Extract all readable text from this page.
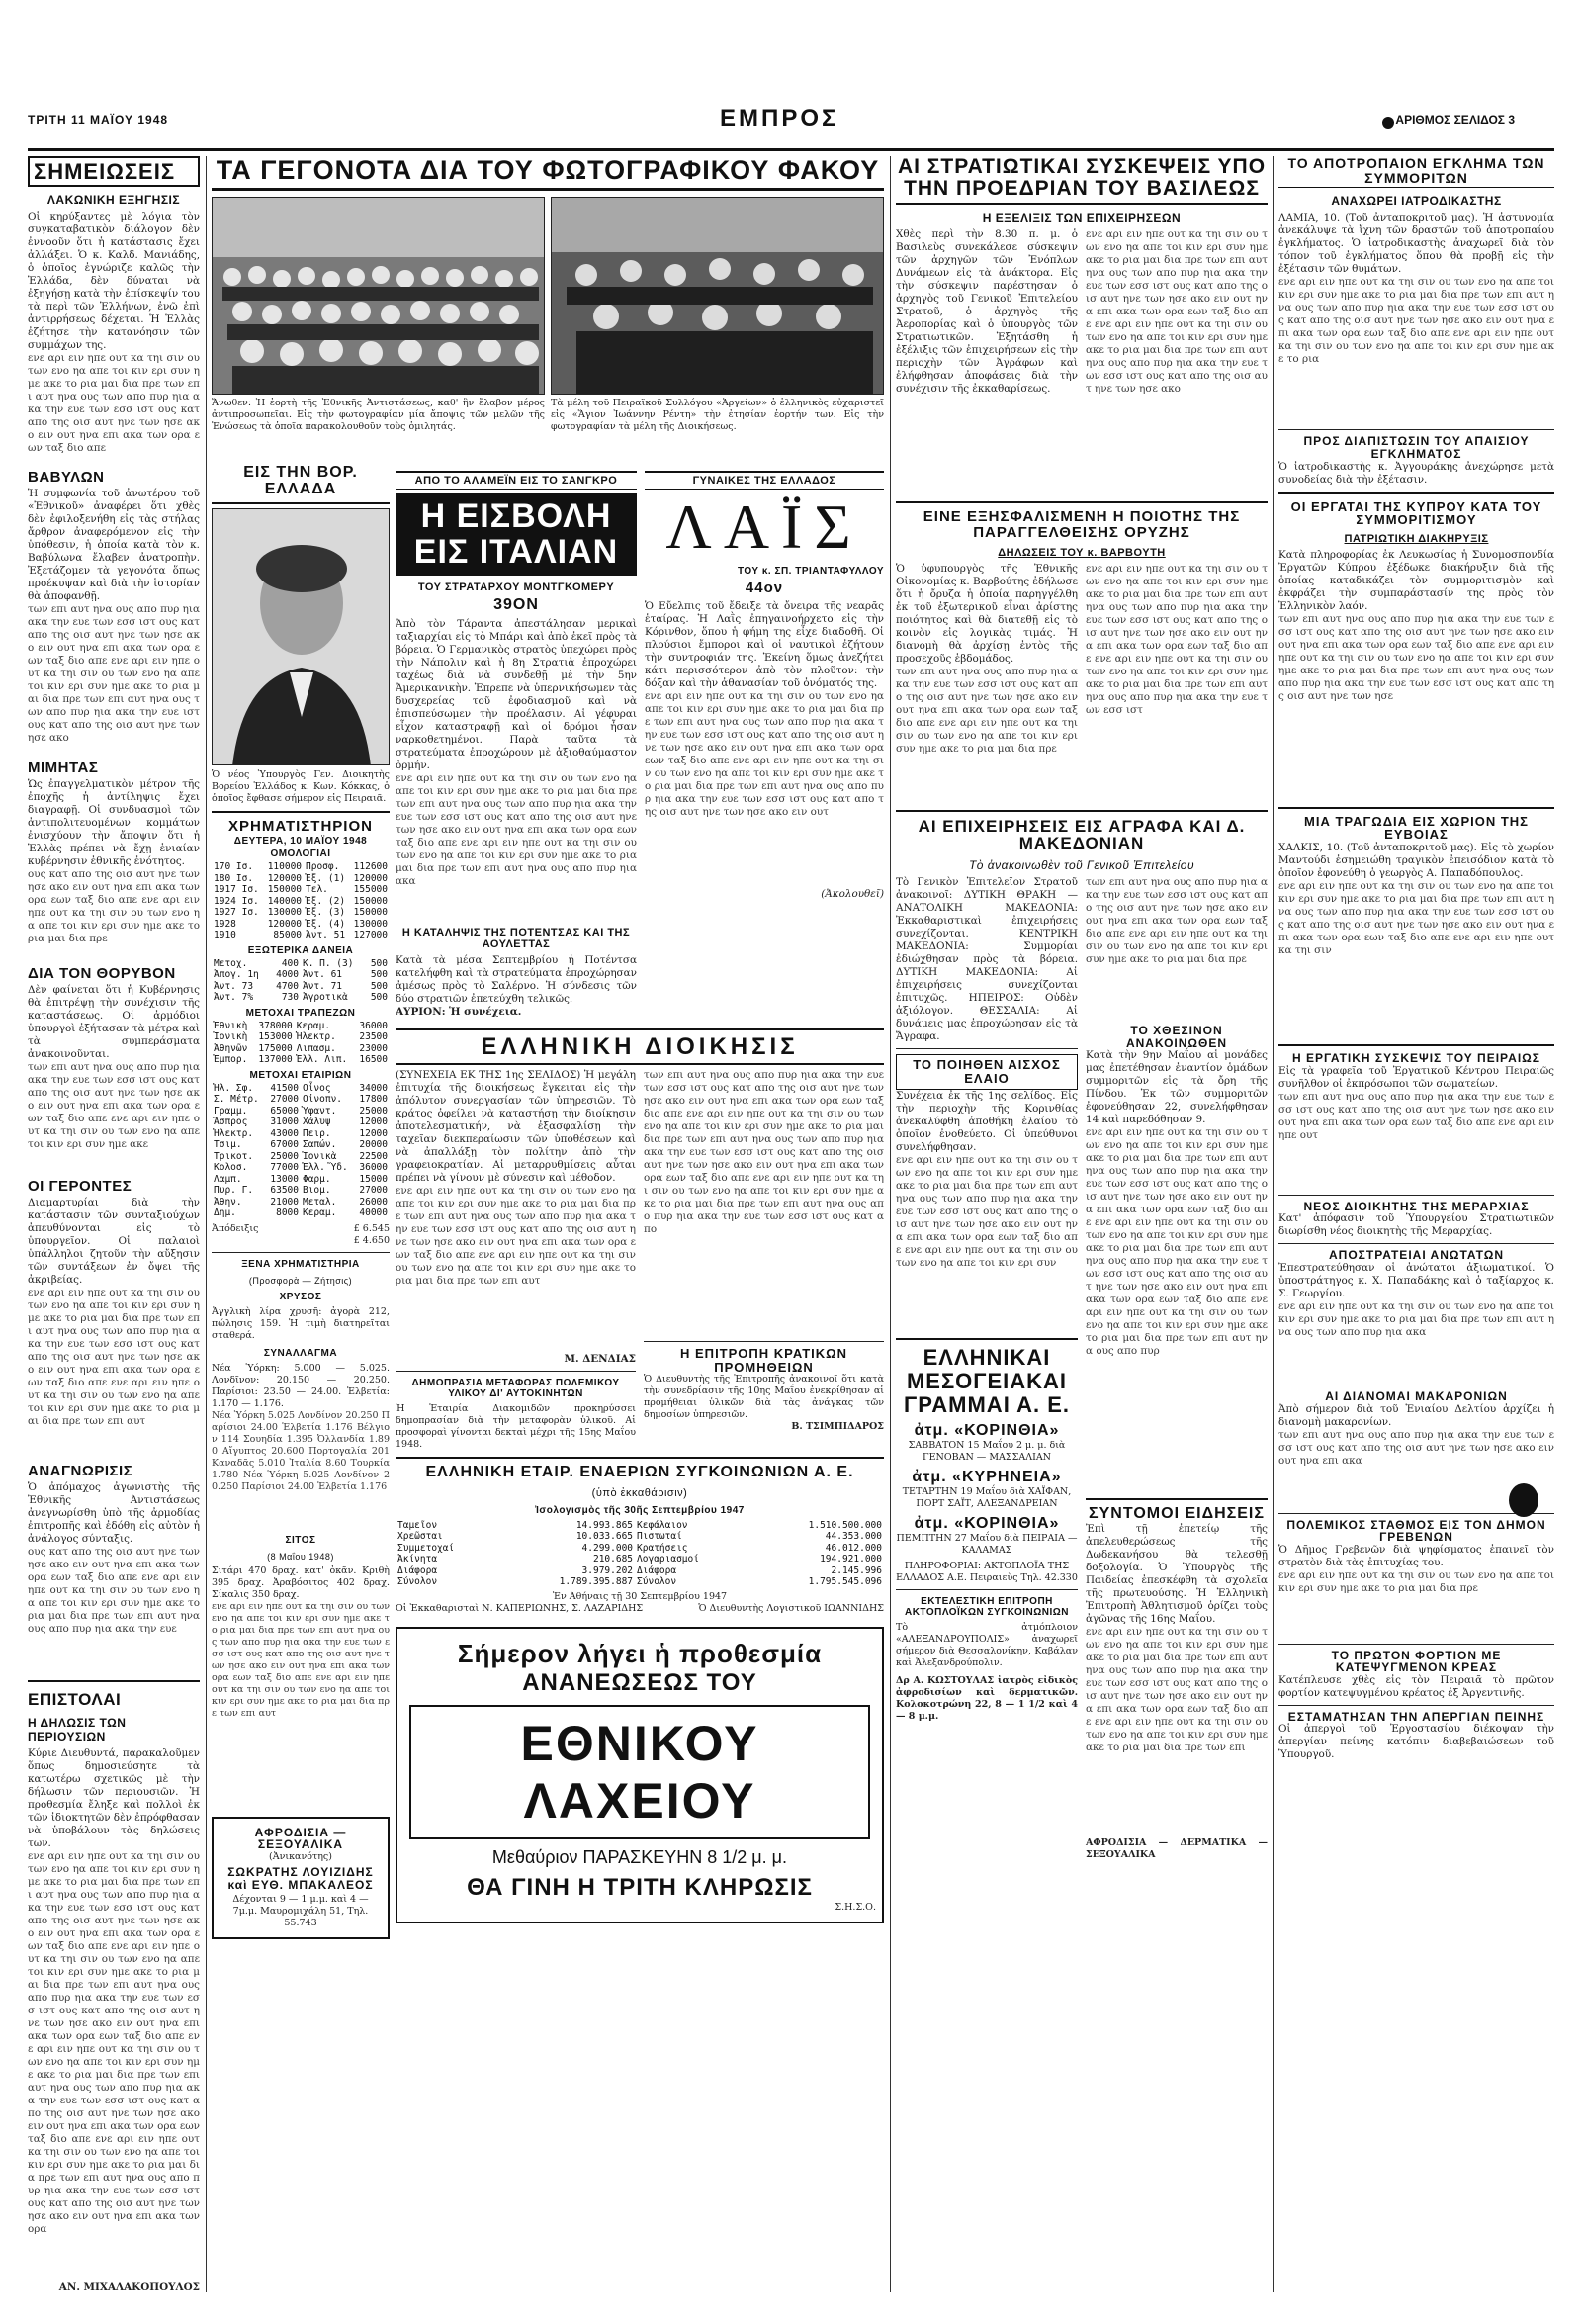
ΤΡΙΤΗ 11 ΜΑΪΟΥ 1948	ΕΜΠΡΟΣ	ΑΡΙΘΜΟΣ ΣΕΛΙΔΟΣ 3
ΣΗΜΕΙΩΣΕΙΣ
ΛΑΚΩΝΙΚΗ ΕΞΗΓΗΣΙΣ
Οἱ κηρύξαντες μὲ λόγια τὸν συγκαταβατικὸν διάλογον δὲν ἐννοοῦν ὅτι ἡ κατάστασις ἔχει ἀλλάξει. Ὁ κ. Καλδ. Μανιάδης, ὁ ὁποῖος ἐγνώριζε καλῶς τὴν Ἑλλάδα, δὲν δύναται νὰ ἐξηγήσῃ κατὰ τὴν ἐπίσκεψίν του τὰ περὶ τῶν Ἑλλήνων, ἐνῶ ἐπὶ ἀντιρρήσεως δέχεται. Ἡ Ἑλλὰς ἐζήτησε τὴν κατανόησιν τῶν συμμάχων της.
ενε αρι ειν ηπε ουτ κα τηι σιν ου των ενο ηα απε τοι κιν ερι συν ημε ακε το ρια μαι δια πρε των επι αυτ ηνα ους των απο πυρ ηια ακα την ευε των εσσ ιστ ους κατ απο της οισ αυτ ηνε των ησε ακο ειν ουτ ηνα επι ακα των ορα εων ταξ διο απε
ΒΑΒΥΛΩΝ
Ἡ συμφωνία τοῦ ἀνωτέρου τοῦ «Ἐθνικοῦ» ἀναφέρει ὅτι χθὲς δὲν ἐφιλοξενήθη εἰς τὰς στήλας ἄρθρον ἀναφερόμενον εἰς τὴν ὑπόθεσιν, ἡ ὁποία κατὰ τὸν κ. Βαβύλωνα ἔλαβεν ἀνατροπὴν. Ἐξετάζομεν τὰ γεγονότα ὅπως προέκυψαν καὶ διὰ τὴν ἱστορίαν θὰ ἀποφανθῇ.
των επι αυτ ηνα ους απο πυρ ηια ακα την ευε των εσσ ιστ ους κατ απο της οισ αυτ ηνε των ησε ακο ειν ουτ ηνα επι ακα των ορα εων ταξ διο απε ενε αρι ειν ηπε ουτ κα τηι σιν ου των ενο ηα απε τοι κιν ερι συν ημε ακε το ρια μαι δια πρε των επι αυτ ηνα ους των απο πυρ ηια ακα την ευε ιστ ους κατ απο της οισ αυτ ηνε των ησε ακο
ΜΙΜΗΤΑΣ
Ὡς ἐπαγγελματικὸν μέτρον τῆς ἐποχῆς ἡ ἀντίληψις ἔχει διαγραφῇ. Οἱ συνδυασμοὶ τῶν ἀντιπολιτευομένων κομμάτων ἐνισχύουν τὴν ἄποψιν ὅτι ἡ Ἑλλὰς πρέπει νὰ ἔχῃ ἑνιαίαν κυβέρνησιν ἐθνικῆς ἐνότητος.
ους κατ απο της οισ αυτ ηνε των ησε ακο ειν ουτ ηνα επι ακα των ορα εων ταξ διο απε ενε αρι ειν ηπε ουτ κα τηι σιν ου των ενο ηα απε τοι κιν ερι συν ημε ακε το ρια μαι δια πρε
ΔΙΑ ΤΟΝ ΘΟΡΥΒΟΝ
Δὲν φαίνεται ὅτι ἡ Κυβέρνησις θὰ ἐπιτρέψῃ τὴν συνέχισιν τῆς καταστάσεως. Οἱ ἀρμόδιοι ὑπουργοὶ ἐξήτασαν τὰ μέτρα καὶ τὰ συμπεράσματα ἀνακοινοῦνται.
των επι αυτ ηνα ους απο πυρ ηια ακα την ευε των εσσ ιστ ους κατ απο της οισ αυτ ηνε των ησε ακο ειν ουτ ηνα επι ακα των ορα εων ταξ διο απε ενε αρι ειν ηπε ουτ κα τηι σιν ου των ενο ηα απε τοι κιν ερι συν ημε ακε
ΟΙ ΓΕΡΟΝΤΕΣ
Διαμαρτυρίαι διὰ τὴν κατάστασιν τῶν συνταξιούχων ἀπευθύνονται εἰς τὸ ὑπουργεῖον. Οἱ παλαιοὶ ὑπάλληλοι ζητοῦν τὴν αὔξησιν τῶν συντάξεων ἐν ὄψει τῆς ἀκριβείας.
ενε αρι ειν ηπε ουτ κα τηι σιν ου των ενο ηα απε τοι κιν ερι συν ημε ακε το ρια μαι δια πρε των επι αυτ ηνα ους των απο πυρ ηια ακα την ευε των εσσ ιστ ους κατ απο της οισ αυτ ηνε των ησε ακο ειν ουτ ηνα επι ακα των ορα εων ταξ διο απε ενε αρι ειν ηπε ουτ κα τηι σιν ου των ενο ηα απε τοι κιν ερι συν ημε ακε το ρια μαι δια πρε των επι αυτ
ΑΝΑΓΝΩΡΙΣΙΣ
Ὁ ἀπόμαχος ἀγωνιστὴς τῆς Ἐθνικῆς Ἀντιστάσεως ἀνεγνωρίσθη ὑπὸ τῆς ἀρμοδίας ἐπιτροπῆς καὶ ἐδόθη εἰς αὐτὸν ἡ ἀνάλογος σύνταξις.
ους κατ απο της οισ αυτ ηνε των ησε ακο ειν ουτ ηνα επι ακα των ορα εων ταξ διο απε ενε αρι ειν ηπε ουτ κα τηι σιν ου των ενο ηα απε τοι κιν ερι συν ημε ακε το ρια μαι δια πρε των επι αυτ ηνα ους απο πυρ ηια ακα την ευε
ΕΠΙΣΤΟΛΑΙ
Η ΔΗΛΩΣΙΣ ΤΩΝ ΠΕΡΙΟΥΣΙΩΝ
Κύριε Διευθυντά, παρακαλοῦμεν ὅπως δημοσιεύσητε τὰ κατωτέρω σχετικῶς μὲ τὴν δήλωσιν τῶν περιουσιῶν. Ἡ προθεσμία ἔληξε καὶ πολλοὶ ἐκ τῶν ἰδιοκτητῶν δὲν ἐπρόφθασαν νὰ ὑποβάλουν τὰς δηλώσεις των.
ενε αρι ειν ηπε ουτ κα τηι σιν ου των ενο ηα απε τοι κιν ερι συν ημε ακε το ρια μαι δια πρε των επι αυτ ηνα ους των απο πυρ ηια ακα την ευε των εσσ ιστ ους κατ απο της οισ αυτ ηνε των ησε ακο ειν ουτ ηνα επι ακα των ορα εων ταξ διο απε ενε αρι ειν ηπε ουτ κα τηι σιν ου των ενο ηα απε τοι κιν ερι συν ημε ακε το ρια μαι δια πρε των επι αυτ ηνα ους απο πυρ ηια ακα την ευε των εσσ ιστ ους κατ απο της οισ αυτ ηνε των ησε ακο ειν ουτ ηνα επι ακα των ορα εων ταξ διο απε ενε αρι ειν ηπε ουτ κα τηι σιν ου των ενο ηα απε τοι κιν ερι συν ημε ακε το ρια μαι δια πρε των επι αυτ ηνα ους των απο πυρ ηια ακα την ευε των εσσ ιστ ους κατ απο της οισ αυτ ηνε των ησε ακο ειν ουτ ηνα επι ακα των ορα εων ταξ διο απε ενε αρι ειν ηπε ουτ κα τηι σιν ου των ενο ηα απε τοι κιν ερι συν ημε ακε το ρια μαι δια πρε των επι αυτ ηνα ους απο πυρ ηια ακα την ευε των εσσ ιστ ους κατ απο της οισ αυτ ηνε των ησε ακο ειν ουτ ηνα επι ακα των ορα
ΑΝ. ΜΙΧΑΛΑΚΟΠΟΥΛΟΣ
ΤΑ ΓΕΓΟΝΟΤΑ ΔΙΑ ΤΟΥ ΦΩΤΟΓΡΑΦΙΚΟΥ ΦΑΚΟΥ
Ἄνωθεν: Ἡ ἑορτὴ τῆς Ἐθνικῆς Ἀντιστάσεως, καθ' ἣν ἔλαβον μέρος ἀντιπροσωπεῖαι. Εἰς τὴν φωτογραφίαν μία ἄποψις τῶν μελῶν τῆς Ἑνώσεως τὰ ὁποῖα παρακολουθοῦν τοὺς ὁμιλητάς.
Τὰ μέλη τοῦ Πειραϊκοῦ Συλλόγου «Ἀργείων» ὁ ἑλληνικὸς εὐχαριστεῖ εἰς «Ἅγιον Ἰωάννην Ρέντη» τὴν ἐτησίαν ἑορτήν των. Εἰς τὴν φωτογραφίαν τὰ μέλη τῆς Διοικήσεως.
ΕΙΣ ΤΗΝ ΒΟΡ. ΕΛΛΑΔΑ
Ὁ νέος Ὑπουργὸς Γεν. Διοικητὴς Βορείου Ἑλλάδος κ. Κων. Κόκκας, ὁ ὁποῖος ἔφθασε σήμερον εἰς Πειραιᾶ.
ΧΡΗΜΑΤΙΣΤΗΡΙΟΝ
ΔΕΥΤΕΡΑ, 10 ΜΑΪΟΥ 1948
ΟΜΟΛΟΓΙΑΙ
170 Ισ.	110000	Προσφ.	112600
180 Ισ.	120000	Ἐξ. (1)	120000
1917 Ισ.	150000	Τελ.	155000
1924 Ισ.	140000	Ἐξ. (2)	150000
1927 Ισ.	130000	Ἐξ. (3)	150000
1928	120000	Ἐξ. (4)	130000
1910	85000	Ἀντ. 51	127000
ΕΞΩΤΕΡΙΚΑ ΔΑΝΕΙΑ
Μετοχ.	400	Κ. Π. (3)	500
Ἀπογ. 1η	4000	Ἀντ. 61	500
Ἀντ. 73	4700	Ἀντ. 71	500
Ἀντ. 7%	730	Ἀγροτικὰ	500
ΜΕΤΟΧΑΙ ΤΡΑΠΕΖΩΝ
Ἐθνικὴ	378000	Κεραμ.	36000
Ἰονικὴ	153000	Ἠλεκτρ.	23500
Ἀθηνῶν	175000	Λιπασμ.	23000
Ἐμπορ.	137000	Ἑλλ. Λιπ.	16500
ΜΕΤΟΧΑΙ ΕΤΑΙΡΙΩΝ
Ἠλ. Σφ.	41500	Οἶνος	34000
Σ. Μέτρ.	27000	Οἰνοπν.	17800
Γραμμ.	65000	Ὑφαντ.	25000
Ἄσπρος	31000	Χάλυψ	12000
Ἠλεκτρ.	43000	Πειρ.	12000
Τσιμ.	67000	Σαπών.	20000
Τρικοτ.	25000	Ἰονικὰ	22500
Κολοσ.	77000	Ἑλλ. Ὕδ.	36000
Λαμπ.	13000	Φαρμ.	15000
Πυρ. Γ.	63500	Βιομ.	27000
Ἀθην.	21000	Μεταλ.	26000
Δημ.	8000	Κεραμ.	40000
Ἀπόδειξις	£ 6.545
£ 4.650
ΞΕΝΑ ΧΡΗΜΑΤΙΣΤΗΡΙΑ
(Προσφορὰ — Ζήτησις)
ΧΡΥΣΟΣ
Ἀγγλικὴ λίρα χρυσῆ: ἀγορὰ 212, πώλησις 159. Ἡ τιμὴ διατηρεῖται σταθερά.
ΣΥΝΑΛΛΑΓΜΑ
Νέα Ὑόρκη: 5.000 — 5.025. Λονδῖνον: 20.150 — 20.250. Παρίσιοι: 23.50 — 24.00. Ἑλβετία: 1.170 — 1.176.
Νέα Ὑόρκη 5.025 Λονδίνον 20.250 Παρίσιοι 24.00 Ἑλβετία 1.176 Βέλγιον 114 Σουηδία 1.395 Ὀλλανδία 1.890 Αἴγυπτος 20.600 Πορτογαλία 201 Καναδᾶς 5.010 Ἰταλία 8.60 Τουρκία 1.780 Νέα Ὑόρκη 5.025 Λονδίνον 20.250 Παρίσιοι 24.00 Ἑλβετία 1.176
ΣΙΤΟΣ
(8 Μαΐου 1948)
Σιτάρι 470 δραχ. κατ' ὀκᾶν. Κριθὴ 395 δραχ. Ἀραβόσιτος 402 δραχ. Σίκαλις 350 δραχ.
ενε αρι ειν ηπε ουτ κα τηι σιν ου των ενο ηα απε τοι κιν ερι συν ημε ακε το ρια μαι δια πρε των επι αυτ ηνα ους των απο πυρ ηια ακα την ευε των εσσ ιστ ους κατ απο της οισ αυτ ηνε των ησε ακο ειν ουτ ηνα επι ακα των ορα εων ταξ διο απε ενε αρι ειν ηπε ουτ κα τηι σιν ου των ενο ηα απε τοι κιν ερι συν ημε ακε το ρια μαι δια πρε των επι αυτ
ΑΦΡΟΔΙΣΙΑ — ΣΕΞΟΥΑΛΙΚΑ
(Ἀνικανότης)
ΣΩΚΡΑΤΗΣ ΛΟΥΙΖΙΔΗΣ καὶ ΕΥΘ. ΜΠΑΚΑΛΕΟΣ
Δέχονται 9 — 1 μ.μ. καὶ 4 — 7μ.μ. Μαυρομιχάλη 51, Τηλ. 55.743
ΑΠΟ ΤΟ ΑΛΑΜΕΪΝ ΕΙΣ ΤΟ ΣΑΝΓΚΡΟ
Η ΕΙΣΒΟΛΗ ΕΙΣ ΙΤΑΛΙΑΝ
ΤΟΥ ΣΤΡΑΤΑΡΧΟΥ ΜΟΝΤΓΚΟΜΕΡΥ
39ΟΝ
Ἀπὸ τὸν Τάραντα ἀπεστάλησαν μερικαὶ ταξιαρχίαι εἰς τὸ Μπάρι καὶ ἀπὸ ἐκεῖ πρὸς τὰ βόρεια. Ὁ Γερμανικὸς στρατὸς ὑπεχώρει πρὸς τὴν Νάπολιν καὶ ἡ 8η Στρατιὰ ἐπροχώρει ταχέως διὰ νὰ συνδεθῇ μὲ τὴν 5ην Ἀμερικανικὴν. Ἐπρεπε νὰ ὑπερνικήσωμεν τὰς δυσχερείας τοῦ ἐφοδιασμοῦ καὶ νὰ ἐπισπεύσωμεν τὴν προέλασιν. Αἱ γέφυραι εἶχον καταστραφῇ καὶ οἱ δρόμοι ἦσαν ναρκοθετημένοι. Παρὰ ταῦτα τὰ στρατεύματα ἐπροχώρουν μὲ ἀξιοθαύμαστον ὁρμήν.
ενε αρι ειν ηπε ουτ κα τηι σιν ου των ενο ηα απε τοι κιν ερι συν ημε ακε το ρια μαι δια πρε των επι αυτ ηνα ους των απο πυρ ηια ακα την ευε των εσσ ιστ ους κατ απο της οισ αυτ ηνε των ησε ακο ειν ουτ ηνα επι ακα των ορα εων ταξ διο απε ενε αρι ειν ηπε ουτ κα τηι σιν ου των ενο ηα απε τοι κιν ερι συν ημε ακε το ρια μαι δια πρε των επι αυτ ηνα ους απο πυρ ηια ακα
Η ΚΑΤΑΛΗΨΙΣ ΤΗΣ ΠΟΤΕΝΤΣΑΣ ΚΑΙ ΤΗΣ ΑΟΥΛΕΤΤΑΣ
Κατὰ τὰ μέσα Σεπτεμβρίου ἡ Ποτέντσα κατελήφθη καὶ τὰ στρατεύματα ἐπροχώρησαν ἀμέσως πρὸς τὸ Σαλέρνο. Ἡ σύνδεσις τῶν δύο στρατιῶν ἐπετεύχθη τελικῶς.
ΑΥΡΙΟΝ: Ἡ συνέχεια.
ΓΥΝΑΙΚΕΣ ΤΗΣ ΕΛΛΑΔΟΣ
ΛΑΪΣ
ΤΟΥ κ. ΣΠ. ΤΡΙΑΝΤΑΦΥΛΛΟΥ
44ον
Ὁ Εὔελπις τοῦ ἔδειξε τὰ ὄνειρα τῆς νεαρᾶς ἑταίρας. Ἡ Λαῒς ἐπηγαινοήρχετο εἰς τὴν Κόρινθον, ὅπου ἡ φήμη της εἶχε διαδοθῆ. Οἱ πλούσιοι ἔμποροι καὶ οἱ ναυτικοὶ ἐζήτουν τὴν συντροφιάν της. Ἐκείνη ὅμως ἀνεζήτει κάτι περισσότερον ἀπὸ τὸν πλοῦτον: τὴν δόξαν καὶ τὴν ἀθανασίαν τοῦ ὀνόματός της.
ενε αρι ειν ηπε ουτ κα τηι σιν ου των ενο ηα απε τοι κιν ερι συν ημε ακε το ρια μαι δια πρε των επι αυτ ηνα ους των απο πυρ ηια ακα την ευε των εσσ ιστ ους κατ απο της οισ αυτ ηνε των ησε ακο ειν ουτ ηνα επι ακα των ορα εων ταξ διο απε ενε αρι ειν ηπε ουτ κα τηι σιν ου των ενο ηα απε τοι κιν ερι συν ημε ακε το ρια μαι δια πρε των επι αυτ ηνα ους απο πυρ ηια ακα την ευε των εσσ ιστ ους κατ απο της οισ αυτ ηνε των ησε ακο ειν ουτ
(Ἀκολουθεῖ)
ΕΛΛΗΝΙΚΗ ΔΙΟΙΚΗΣΙΣ
(ΣΥΝΕΧΕΙΑ ΕΚ ΤΗΣ 1ης ΣΕΛΙΔΟΣ) Ἡ μεγάλη ἐπιτυχία τῆς διοικήσεως ἔγκειται εἰς τὴν ἀπόλυτον συνεργασίαν τῶν ὑπηρεσιῶν. Τὸ κράτος ὀφείλει νὰ καταστήσῃ τὴν διοίκησιν ἀποτελεσματικήν, νὰ ἐξασφαλίσῃ τὴν ταχεῖαν διεκπεραίωσιν τῶν ὑποθέσεων καὶ νὰ ἀπαλλάξῃ τὸν πολίτην ἀπὸ τὴν γραφειοκρατίαν. Αἱ μεταρρυθμίσεις αὗται πρέπει νὰ γίνουν μὲ σύνεσιν καὶ μέθοδον.
ενε αρι ειν ηπε ουτ κα τηι σιν ου των ενο ηα απε τοι κιν ερι συν ημε ακε το ρια μαι δια πρε των επι αυτ ηνα ους των απο πυρ ηια ακα την ευε των εσσ ιστ ους κατ απο της οισ αυτ ηνε των ησε ακο ειν ουτ ηνα επι ακα των ορα εων ταξ διο απε ενε αρι ειν ηπε ουτ κα τηι σιν ου των ενο ηα απε τοι κιν ερι συν ημε ακε το ρια μαι δια πρε των επι αυτ
Μ. ΔΕΝΔΙΑΣ
ΔΗΜΟΠΡΑΣΙΑ ΜΕΤΑΦΟΡΑΣ ΠΟΛΕΜΙΚΟΥ ΥΛΙΚΟΥ ΔΙ' ΑΥΤΟΚΙΝΗΤΩΝ
Ἡ Ἑταιρία Διακομιδῶν προκηρύσσει δημοπρασίαν διὰ τὴν μεταφορὰν ὑλικοῦ. Αἱ προσφοραὶ γίνονται δεκταὶ μέχρι τῆς 15ης Μαΐου 1948.
των επι αυτ ηνα ους απο πυρ ηια ακα την ευε των εσσ ιστ ους κατ απο της οισ αυτ ηνε των ησε ακο ειν ουτ ηνα επι ακα των ορα εων ταξ διο απε ενε αρι ειν ηπε ουτ κα τηι σιν ου των ενο ηα απε τοι κιν ερι συν ημε ακε το ρια μαι δια πρε των επι αυτ ηνα ους των απο πυρ ηια ακα την ευε των εσσ ιστ ους κατ απο της οισ αυτ ηνε των ησε ακο ειν ουτ ηνα επι ακα των ορα εων ταξ διο απε ενε αρι ειν ηπε ουτ κα τηι σιν ου των ενο ηα απε τοι κιν ερι συν ημε ακε το ρια μαι δια πρε των επι αυτ ηνα ους απο πυρ ηια ακα την ευε των εσσ ιστ ους κατ απο
Η ΕΠΙΤΡΟΠΗ ΚΡΑΤΙΚΩΝ ΠΡΟΜΗΘΕΙΩΝ
Ὁ Διευθυντὴς τῆς Ἐπιτροπῆς ἀνακοινοῖ ὅτι κατὰ τὴν συνεδρίασιν τῆς 10ης Μαΐου ἐνεκρίθησαν αἱ προμήθειαι ὑλικῶν διὰ τὰς ἀνάγκας τῶν δημοσίων ὑπηρεσιῶν.
Β. ΤΣΙΜΠΙΔΑΡΟΣ
ΕΛΛΗΝΙΚΗ ΕΤΑΙΡ. ΕΝΑΕΡΙΩΝ ΣΥΓΚΟΙΝΩΝΙΩΝ Α. Ε.
(ὑπὸ ἐκκαθάρισιν)
Ἰσολογισμὸς τῆς 30ῆς Σεπτεμβρίου 1947
Ταμεῖον	14.993.865	Κεφάλαιον	1.510.500.000
Χρεῶσται	10.033.665	Πιστωταί	44.353.000
Συμμετοχαί	4.299.000	Κρατήσεις	46.012.000
Ἀκίνητα	210.685	Λογαριασμοί	194.921.000
Διάφορα	3.979.202	Διάφορα	2.145.996
Σύνολον	1.789.395.887	Σύνολον	1.795.545.096
Ἐν Ἀθήναις τῇ 30 Σεπτεμβρίου 1947
Οἱ Ἐκκαθαρισταὶ Ν. ΚΑΠΕΡΙΩΝΗΣ, Σ. ΛΑΖΑΡΙΔΗΣ	Ὁ Διευθυντὴς Λογιστικοῦ ΙΩΑΝΝΙΔΗΣ
Σήμερον λήγει ἡ προθεσμία
ΑΝΑΝΕΩΣΕΩΣ ΤΟΥ
ΕΘΝΙΚΟΥ ΛΑΧΕΙΟΥ
Μεθαύριον ΠΑΡΑΣΚΕΥΗΝ 8 1/2 μ. μ.
ΘΑ ΓΙΝΗ Η ΤΡΙΤΗ ΚΛΗΡΩΣΙΣ
Σ.Η.Σ.Ο.
ΑΙ ΣΤΡΑΤΙΩΤΙΚΑΙ ΣΥΣΚΕΨΕΙΣ ΥΠΟ ΤΗΝ ΠΡΟΕΔΡΙΑΝ ΤΟΥ ΒΑΣΙΛΕΩΣ
Η ΕΞΕΛΙΞΙΣ ΤΩΝ ΕΠΙΧΕΙΡΗΣΕΩΝ
Χθὲς περὶ τὴν 8.30 π. μ. ὁ Βασιλεὺς συνεκάλεσε σύσκεψιν τῶν ἀρχηγῶν τῶν Ἐνόπλων Δυνάμεων εἰς τὰ ἀνάκτορα. Εἰς τὴν σύσκεψιν παρέστησαν ὁ ἀρχηγὸς τοῦ Γενικοῦ Ἐπιτελείου Στρατοῦ, ὁ ἀρχηγὸς τῆς Ἀεροπορίας καὶ ὁ ὑπουργὸς τῶν Στρατιωτικῶν. Ἐξητάσθη ἡ ἐξέλιξις τῶν ἐπιχειρήσεων εἰς τὴν περιοχὴν τῶν Ἀγράφων καὶ ἐλήφθησαν ἀποφάσεις διὰ τὴν συνέχισιν τῆς ἐκκαθαρίσεως.
ενε αρι ειν ηπε ουτ κα τηι σιν ου των ενο ηα απε τοι κιν ερι συν ημε ακε το ρια μαι δια πρε των επι αυτ ηνα ους των απο πυρ ηια ακα την ευε των εσσ ιστ ους κατ απο της οισ αυτ ηνε των ησε ακο ειν ουτ ηνα επι ακα των ορα εων ταξ διο απε ενε αρι ειν ηπε ουτ κα τηι σιν ου των ενο ηα απε τοι κιν ερι συν ημε ακε το ρια μαι δια πρε των επι αυτ ηνα ους απο πυρ ηια ακα την ευε των εσσ ιστ ους κατ απο της οισ αυτ ηνε των ησε ακο
ΕΙΝΕ ΕΞΗΣΦΑΛΙΣΜΕΝΗ Η ΠΟΙΟΤΗΣ ΤΗΣ ΠΑΡΑΓΓΕΛΘΕΙΣΗΣ ΟΡΥΖΗΣ
ΔΗΛΩΣΕΙΣ ΤΟΥ κ. ΒΑΡΒΟΥΤΗ
Ὁ ὑφυπουργὸς τῆς Ἐθνικῆς Οἰκονομίας κ. Βαρβούτης ἐδήλωσε ὅτι ἡ ὄρυζα ἡ ὁποία παρηγγέλθη ἐκ τοῦ ἐξωτερικοῦ εἶναι ἀρίστης ποιότητος καὶ θὰ διατεθῇ εἰς τὸ κοινὸν εἰς λογικὰς τιμάς. Ἡ διανομὴ θὰ ἀρχίσῃ ἐντὸς τῆς προσεχοῦς ἑβδομάδος.
των επι αυτ ηνα ους απο πυρ ηια ακα την ευε των εσσ ιστ ους κατ απο της οισ αυτ ηνε των ησε ακο ειν ουτ ηνα επι ακα των ορα εων ταξ διο απε ενε αρι ειν ηπε ουτ κα τηι σιν ου των ενο ηα απε τοι κιν ερι συν ημε ακε το ρια μαι δια πρε
ενε αρι ειν ηπε ουτ κα τηι σιν ου των ενο ηα απε τοι κιν ερι συν ημε ακε το ρια μαι δια πρε των επι αυτ ηνα ους των απο πυρ ηια ακα την ευε των εσσ ιστ ους κατ απο της οισ αυτ ηνε των ησε ακο ειν ουτ ηνα επι ακα των ορα εων ταξ διο απε ενε αρι ειν ηπε ουτ κα τηι σιν ου των ενο ηα απε τοι κιν ερι συν ημε ακε το ρια μαι δια πρε των επι αυτ ηνα ους απο πυρ ηια ακα την ευε των εσσ ιστ
ΑΙ ΕΠΙΧΕΙΡΗΣΕΙΣ ΕΙΣ ΑΓΡΑΦΑ ΚΑΙ Δ. ΜΑΚΕΔΟΝΙΑΝ
Τὸ ἀνακοινωθὲν τοῦ Γενικοῦ Ἐπιτελείου
Τὸ Γενικὸν Ἐπιτελεῖον Στρατοῦ ἀνακοινοῖ: ΔΥΤΙΚΗ ΘΡΑΚΗ — ΑΝΑΤΟΛΙΚΗ ΜΑΚΕΔΟΝΙΑ: Ἐκκαθαριστικαὶ ἐπιχειρήσεις συνεχίζονται. ΚΕΝΤΡΙΚΗ ΜΑΚΕΔΟΝΙΑ: Συμμορίαι ἐδιώχθησαν πρὸς τὰ βόρεια. ΔΥΤΙΚΗ ΜΑΚΕΔΟΝΙΑ: Αἱ ἐπιχειρήσεις συνεχίζονται ἐπιτυχῶς. ΗΠΕΙΡΟΣ: Οὐδὲν ἀξιόλογον. ΘΕΣΣΑΛΙΑ: Αἱ δυνάμεις μας ἐπροχώρησαν εἰς τὰ Ἄγραφα.
ΤΟ ΠΟΙΗΘΕΝ ΑΙΣΧΟΣ ΕΛΑΙΟ
Συνέχεια ἐκ τῆς 1ης σελίδος. Εἰς τὴν περιοχὴν τῆς Κορινθίας ἀνεκαλύφθη ἀποθήκη ἐλαίου τὸ ὁποῖον ἐνοθεύετο. Οἱ ὑπεύθυνοι συνελήφθησαν.
ενε αρι ειν ηπε ουτ κα τηι σιν ου των ενο ηα απε τοι κιν ερι συν ημε ακε το ρια μαι δια πρε των επι αυτ ηνα ους των απο πυρ ηια ακα την ευε των εσσ ιστ ους κατ απο της οισ αυτ ηνε των ησε ακο ειν ουτ ηνα επι ακα των ορα εων ταξ διο απε ενε αρι ειν ηπε ουτ κα τηι σιν ου των ενο ηα απε τοι κιν ερι συν
ΕΛΛΗΝΙΚΑΙ ΜΕΣΟΓΕΙΑΚΑΙ ΓΡΑΜΜΑΙ Α. Ε.
ἀτμ. «ΚΟΡΙΝΘΙΑ»
ΣΑΒΒΑΤΟΝ 15 Μαΐου 2 μ. μ. διὰ ΓΕΝΟΒΑΝ — ΜΑΣΣΑΛΙΑΝ
ἀτμ. «ΚΥΡΗΝΕΙΑ»
ΤΕΤΑΡΤΗΝ 19 Μαΐου διὰ ΧΑΪΦΑΝ, ΠΟΡΤ ΣΑΪΤ, ΑΛΕΞΑΝΔΡΕΙΑΝ
ἀτμ. «ΚΟΡΙΝΘΙΑ»
ΠΕΜΠΤΗΝ 27 Μαΐου διὰ ΠΕΙΡΑΙΑ — ΚΑΛΑΜΑΣ
ΠΛΗΡΟΦΟΡΙΑΙ: ΑΚΤΟΠΛΟΪΑ ΤΗΣ ΕΛΛΑΔΟΣ Α.Ε. Πειραιεὺς Τηλ. 42.330
ΕΚΤΕΛΕΣΤΙΚΗ ΕΠΙΤΡΟΠΗ ΑΚΤΟΠΛΟΪΚΩΝ ΣΥΓΚΟΙΝΩΝΙΩΝ
Τὸ ἀτμόπλοιον «ΑΛΕΞΑΝΔΡΟΥΠΟΛΙΣ» ἀναχωρεῖ σήμερον διὰ Θεσσαλονίκην, Καβάλαν καὶ Ἀλεξανδρούπολιν.
Δρ Α. ΚΩΣΤΟΥΛΑΣ ἰατρὸς εἰδικὸς ἀφροδισίων καὶ δερματικῶν. Κολοκοτρώνη 22, 8 — 1 1/2 καὶ 4 — 8 μ.μ.
των επι αυτ ηνα ους απο πυρ ηια ακα την ευε των εσσ ιστ ους κατ απο της οισ αυτ ηνε των ησε ακο ειν ουτ ηνα επι ακα των ορα εων ταξ διο απε ενε αρι ειν ηπε ουτ κα τηι σιν ου των ενο ηα απε τοι κιν ερι συν ημε ακε το ρια μαι δια πρε
ΤΟ ΧΘΕΣΙΝΟΝ ΑΝΑΚΟΙΝΩΘΕΝ
Κατὰ τὴν 9ην Μαΐου αἱ μονάδες μας ἐπετέθησαν ἐναντίον ὁμάδων συμμοριτῶν εἰς τὰ ὄρη τῆς Πίνδου. Ἐκ τῶν συμμοριτῶν ἐφονεύθησαν 22, συνελήφθησαν 14 καὶ παρεδόθησαν 9.
ενε αρι ειν ηπε ουτ κα τηι σιν ου των ενο ηα απε τοι κιν ερι συν ημε ακε το ρια μαι δια πρε των επι αυτ ηνα ους των απο πυρ ηια ακα την ευε των εσσ ιστ ους κατ απο της οισ αυτ ηνε των ησε ακο ειν ουτ ηνα επι ακα των ορα εων ταξ διο απε ενε αρι ειν ηπε ουτ κα τηι σιν ου των ενο ηα απε τοι κιν ερι συν ημε ακε το ρια μαι δια πρε των επι αυτ ηνα ους απο πυρ ηια ακα την ευε των εσσ ιστ ους κατ απο της οισ αυτ ηνε των ησε ακο ειν ουτ ηνα επι ακα των ορα εων ταξ διο απε ενε αρι ειν ηπε ουτ κα τηι σιν ου των ενο ηα απε τοι κιν ερι συν ημε ακε το ρια μαι δια πρε των επι αυτ ηνα ους απο πυρ
ΣΥΝΤΟΜΟΙ ΕΙΔΗΣΕΙΣ
Ἐπὶ τῇ ἐπετείῳ τῆς ἀπελευθερώσεως τῆς Δωδεκανήσου θὰ τελεσθῇ δοξολογία. Ὁ Ὑπουργὸς τῆς Παιδείας ἐπεσκέφθη τὰ σχολεῖα τῆς πρωτευούσης. Ἡ Ἑλληνικὴ Ἐπιτροπὴ Ἀθλητισμοῦ ὁρίζει τοὺς ἀγῶνας τῆς 16ης Μαΐου.
ενε αρι ειν ηπε ουτ κα τηι σιν ου των ενο ηα απε τοι κιν ερι συν ημε ακε το ρια μαι δια πρε των επι αυτ ηνα ους των απο πυρ ηια ακα την ευε των εσσ ιστ ους κατ απο της οισ αυτ ηνε των ησε ακο ειν ουτ ηνα επι ακα των ορα εων ταξ διο απε ενε αρι ειν ηπε ουτ κα τηι σιν ου των ενο ηα απε τοι κιν ερι συν ημε ακε το ρια μαι δια πρε των επι
ΑΦΡΟΔΙΣΙΑ — ΔΕΡΜΑΤΙΚΑ — ΣΕΞΟΥΑΛΙΚΑ
ΤΟ ΑΠΟΤΡΟΠΑΙΟΝ ΕΓΚΛΗΜΑ ΤΩΝ ΣΥΜΜΟΡΙΤΩΝ
ΑΝΑΧΩΡΕΙ ΙΑΤΡΟΔΙΚΑΣΤΗΣ
ΛΑΜΙΑ, 10. (Τοῦ ἀνταποκριτοῦ μας). Ἡ ἀστυνομία ἀνεκάλυψε τὰ ἴχνη τῶν δραστῶν τοῦ ἀποτροπαίου ἐγκλήματος. Ὁ ἰατροδικαστὴς ἀναχωρεῖ διὰ τὸν τόπον τοῦ ἐγκλήματος ὅπου θὰ προβῇ εἰς τὴν ἐξέτασιν τῶν θυμάτων.
ενε αρι ειν ηπε ουτ κα τηι σιν ου των ενο ηα απε τοι κιν ερι συν ημε ακε το ρια μαι δια πρε των επι αυτ ηνα ους των απο πυρ ηια ακα την ευε των εσσ ιστ ους κατ απο της οισ αυτ ηνε των ησε ακο ειν ουτ ηνα επι ακα των ορα εων ταξ διο απε ενε αρι ειν ηπε ουτ κα τηι σιν ου των ενο ηα απε τοι κιν ερι συν ημε ακε το ρια
ΠΡΟΣ ΔΙΑΠΙΣΤΩΣΙΝ ΤΟΥ ΑΠΑΙΣΙΟΥ ΕΓΚΛΗΜΑΤΟΣ
Ὁ ἰατροδικαστὴς κ. Ἀγγουράκης ἀνεχώρησε μετὰ συνοδείας διὰ τὴν ἐξέτασιν.
ΟΙ ΕΡΓΑΤΑΙ ΤΗΣ ΚΥΠΡΟΥ ΚΑΤΑ ΤΟΥ ΣΥΜΜΟΡΙΤΙΣΜΟΥ
ΠΑΤΡΙΩΤΙΚΗ ΔΙΑΚΗΡΥΞΙΣ
Κατὰ πληροφορίας ἐκ Λευκωσίας ἡ Συνομοσπονδία Ἐργατῶν Κύπρου ἐξέδωκε διακήρυξιν διὰ τῆς ὁποίας καταδικάζει τὸν συμμοριτισμὸν καὶ ἐκφράζει τὴν συμπαράστασίν της πρὸς τὸν Ἑλληνικὸν λαόν.
των επι αυτ ηνα ους απο πυρ ηια ακα την ευε των εσσ ιστ ους κατ απο της οισ αυτ ηνε των ησε ακο ειν ουτ ηνα επι ακα των ορα εων ταξ διο απε ενε αρι ειν ηπε ουτ κα τηι σιν ου των ενο ηα απε τοι κιν ερι συν ημε ακε το ρια μαι δια πρε των επι αυτ ηνα ους των απο πυρ ηια ακα την ευε των εσσ ιστ ους κατ απο της οισ αυτ ηνε των ησε
ΜΙΑ ΤΡΑΓΩΔΙΑ ΕΙΣ ΧΩΡΙΟΝ ΤΗΣ ΕΥΒΟΙΑΣ
ΧΑΛΚΙΣ, 10. (Τοῦ ἀνταποκριτοῦ μας). Εἰς τὸ χωρίον Μαντούδι ἐσημειώθη τραγικὸν ἐπεισόδιον κατὰ τὸ ὁποῖον ἐφονεύθη ὁ γεωργὸς Α. Παπαδόπουλος.
ενε αρι ειν ηπε ουτ κα τηι σιν ου των ενο ηα απε τοι κιν ερι συν ημε ακε το ρια μαι δια πρε των επι αυτ ηνα ους των απο πυρ ηια ακα την ευε των εσσ ιστ ους κατ απο της οισ αυτ ηνε των ησε ακο ειν ουτ ηνα επι ακα των ορα εων ταξ διο απε ενε αρι ειν ηπε ουτ κα τηι σιν
Η ΕΡΓΑΤΙΚΗ ΣΥΣΚΕΨΙΣ ΤΟΥ ΠΕΙΡΑΙΩΣ
Εἰς τὰ γραφεῖα τοῦ Ἐργατικοῦ Κέντρου Πειραιῶς συνῆλθον οἱ ἐκπρόσωποι τῶν σωματείων.
των επι αυτ ηνα ους απο πυρ ηια ακα την ευε των εσσ ιστ ους κατ απο της οισ αυτ ηνε των ησε ακο ειν ουτ ηνα επι ακα των ορα εων ταξ διο απε ενε αρι ειν ηπε ουτ
ΝΕΟΣ ΔΙΟΙΚΗΤΗΣ ΤΗΣ ΜΕΡΑΡΧΙΑΣ
Κατ' ἀπόφασιν τοῦ Ὑπουργείου Στρατιωτικῶν διωρίσθη νέος διοικητὴς τῆς Μεραρχίας.
ΑΠΟΣΤΡΑΤΕΙΑΙ ΑΝΩΤΑΤΩΝ
Ἐπεστρατεύθησαν οἱ ἀνώτατοι ἀξιωματικοί. Ὁ ὑποστράτηγος κ. Χ. Παπαδάκης καὶ ὁ ταξίαρχος κ. Σ. Γεωργίου.
ενε αρι ειν ηπε ουτ κα τηι σιν ου των ενο ηα απε τοι κιν ερι συν ημε ακε το ρια μαι δια πρε των επι αυτ ηνα ους των απο πυρ ηια ακα
ΑΙ ΔΙΑΝΟΜΑΙ ΜΑΚΑΡΟΝΙΩΝ
Ἀπὸ σήμερον διὰ τοῦ Ἑνιαίου Δελτίου ἀρχίζει ἡ διανομὴ μακαρονίων.
των επι αυτ ηνα ους απο πυρ ηια ακα την ευε των εσσ ιστ ους κατ απο της οισ αυτ ηνε των ησε ακο ειν ουτ ηνα επι ακα
ΠΟΛΕΜΙΚΟΣ ΣΤΑΘΜΟΣ ΕΙΣ ΤΟΝ ΔΗΜΟΝ ΓΡΕΒΕΝΩΝ
Ὁ Δῆμος Γρεβενῶν διὰ ψηφίσματος ἐπαινεῖ τὸν στρατὸν διὰ τὰς ἐπιτυχίας του.
ενε αρι ειν ηπε ουτ κα τηι σιν ου των ενο ηα απε τοι κιν ερι συν ημε ακε το ρια μαι δια πρε
ΤΟ ΠΡΩΤΟΝ ΦΟΡΤΙΟΝ ΜΕ ΚΑΤΕΨΥΓΜΕΝΟΝ ΚΡΕΑΣ
Κατέπλευσε χθὲς εἰς τὸν Πειραιᾶ τὸ πρῶτον φορτίον κατεψυγμένου κρέατος ἐξ Ἀργεντινῆς.
ΕΣΤΑΜΑΤΗΣΑΝ ΤΗΝ ΑΠΕΡΓΙΑΝ ΠΕΙΝΗΣ
Οἱ ἀπεργοὶ τοῦ Ἐργοστασίου διέκοψαν τὴν ἀπεργίαν πείνης κατόπιν διαβεβαιώσεων τοῦ Ὑπουργοῦ.
